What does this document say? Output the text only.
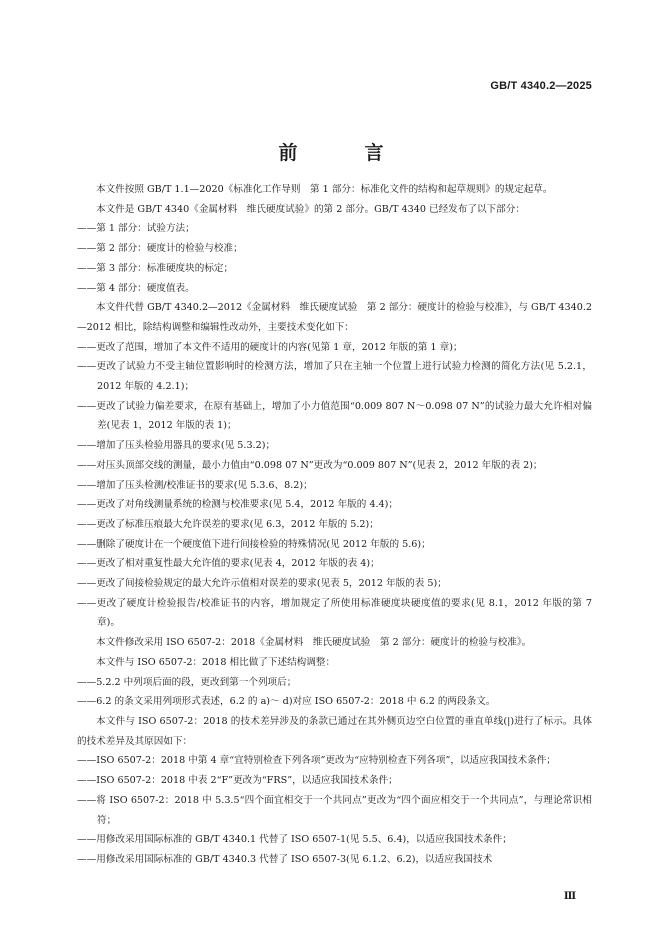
GB/T 4340.2—2025
前　言

本文件按照 GB/T 1.1—2020《标准化工作导则　第 1 部分：标准化文件的结构和起草规则》的规定起草。

本文件是 GB/T 4340《金属材料　维氏硬度试验》的第 2 部分。GB/T 4340 已经发布了以下部分：

——第 1 部分：试验方法；

——第 2 部分：硬度计的检验与校准；

——第 3 部分：标准硬度块的标定；

——第 4 部分：硬度值表。

本文件代替 GB/T 4340.2—2012《金属材料　维氏硬度试验　第 2 部分：硬度计的检验与校准》，与 GB/T 4340.2—2012 相比，除结构调整和编辑性改动外，主要技术变化如下：

——更改了范围，增加了本文件不适用的硬度计的内容(见第 1 章，2012 年版的第 1 章)；

——更改了试验力不受主轴位置影响时的检测方法，增加了只在主轴一个位置上进行试验力检测的简化方法(见 5.2.1，2012 年版的 4.2.1)；

——更改了试验力偏差要求，在原有基础上，增加了小力值范围“0.009 807 N～0.098 07 N”的试验力最大允许相对偏差(见表 1，2012 年版的表 1)；

——增加了压头检验用器具的要求(见 5.3.2)；

——对压头顶部交线的测量，最小力值由“0.098 07 N”更改为“0.009 807 N”(见表 2，2012 年版的表 2)；

——增加了压头检测/校准证书的要求(见 5.3.6、8.2)；

——更改了对角线测量系统的检测与校准要求(见 5.4，2012 年版的 4.4)；

——更改了标准压痕最大允许误差的要求(见 6.3，2012 年版的 5.2)；

——删除了硬度计在一个硬度值下进行间接检验的特殊情况(见 2012 年版的 5.6)；

——更改了相对重复性最大允许值的要求(见表 4，2012 年版的表 4)；

——更改了间接检验规定的最大允许示值相对误差的要求(见表 5，2012 年版的表 5)；

——更改了硬度计检验报告/校准证书的内容，增加规定了所使用标准硬度块硬度值的要求(见 8.1，2012 年版的第 7 章)。

本文件修改采用 ISO 6507-2：2018《金属材料　维氏硬度试验　第 2 部分：硬度计的检验与校准》。

本文件与 ISO 6507-2：2018 相比做了下述结构调整：

——5.2.2 中列项后面的段，更改到第一个列项后；

——6.2 的条文采用列项形式表述，6.2 的 a)～ d)对应 ISO 6507-2：2018 中 6.2 的两段条文。

本文件与 ISO 6507-2：2018 的技术差异涉及的条款已通过在其外侧页边空白位置的垂直单线(|)进行了标示。具体的技术差异及其原因如下：

——ISO 6507-2：2018 中第 4 章“宜特别检查下列各项”更改为“应特别检查下列各项”，以适应我国技术条件；

——ISO 6507-2：2018 中表 2“F”更改为“FRS”，以适应我国技术条件；

——将 ISO 6507-2：2018 中 5.3.5“四个面宜相交于一个共同点”更改为“四个面应相交于一个共同点”，与理论常识相符；

——用修改采用国际标准的 GB/T 4340.1 代替了 ISO 6507-1(见 5.5、6.4)，以适应我国技术条件；

——用修改采用国际标准的 GB/T 4340.3 代替了 ISO 6507-3(见 6.1.2、6.2)，以适应我国技术

Ⅲ
